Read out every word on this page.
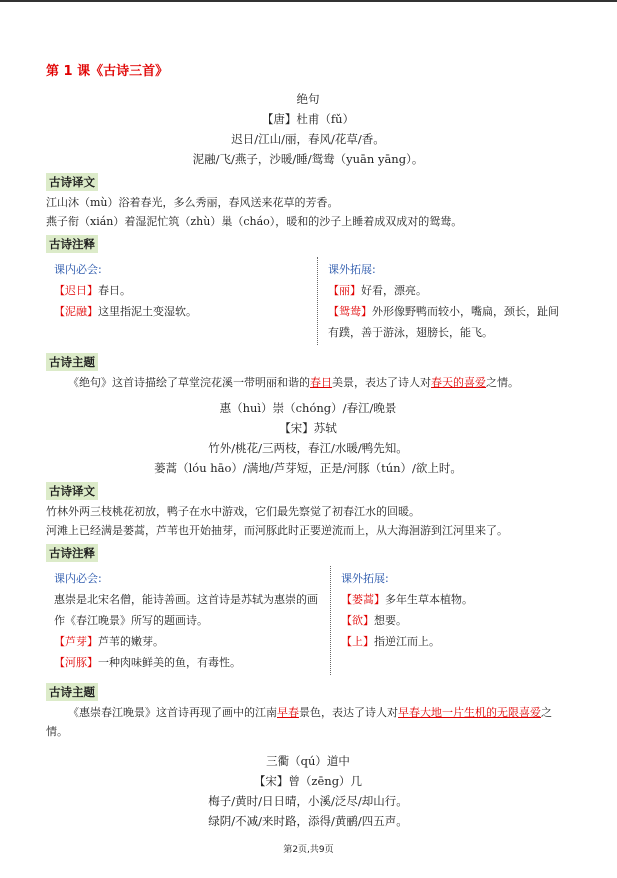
第 1 课《古诗三首》
绝句
【唐】杜甫（fǔ）
迟日/江山/丽，春风/花草/香。
泥融/飞/燕子，沙暖/睡/鸳鸯（yuān yāng）。
古诗译文

江山沐（mù）浴着春光，多么秀丽，春风送来花草的芳香。

燕子衔（xián）着湿泥忙筑（zhù）巢（cháo），暖和的沙子上睡着成双成对的鸳鸯。

古诗注释
课内必会:
【迟日】春日。
【泥融】这里指泥土变湿软。
课外拓展:
【丽】好看，漂亮。
【鸳鸯】外形像野鸭而较小，嘴扁，颈长，趾间有蹼，善于游泳，翅膀长，能飞。
古诗主题

《绝句》这首诗描绘了草堂浣花溪一带明丽和谐的春日美景，表达了诗人对春天的喜爱之情。

惠（huì）崇（chóng）/春江/晚景
【宋】苏轼
竹外/桃花/三两枝，春江/水暖/鸭先知。
蒌蒿（lóu hāo）/满地/芦芽短，正是/河豚（tún）/欲上时。
古诗译文

竹林外两三枝桃花初放，鸭子在水中游戏，它们最先察觉了初春江水的回暖。

河滩上已经满是蒌蒿，芦苇也开始抽芽，而河豚此时正要逆流而上，从大海洄游到江河里来了。

古诗注释
课内必会:
惠崇是北宋名僧，能诗善画。这首诗是苏轼为惠崇的画作《春江晚景》所写的题画诗。
【芦芽】芦苇的嫩芽。
【河豚】一种肉味鲜美的鱼，有毒性。
课外拓展:
【蒌蒿】多年生草本植物。
【欲】想要。
【上】指逆江而上。
古诗主题

《惠崇春江晚景》这首诗再现了画中的江南早春景色，表达了诗人对早春大地一片生机的无限喜爱之情。

三衢（qú）道中
【宋】曾（zēng）几
梅子/黄时/日日晴，小溪/泛尽/却山行。
绿阴/不减/来时路，添得/黄鹂/四五声。
第2页,共9页
